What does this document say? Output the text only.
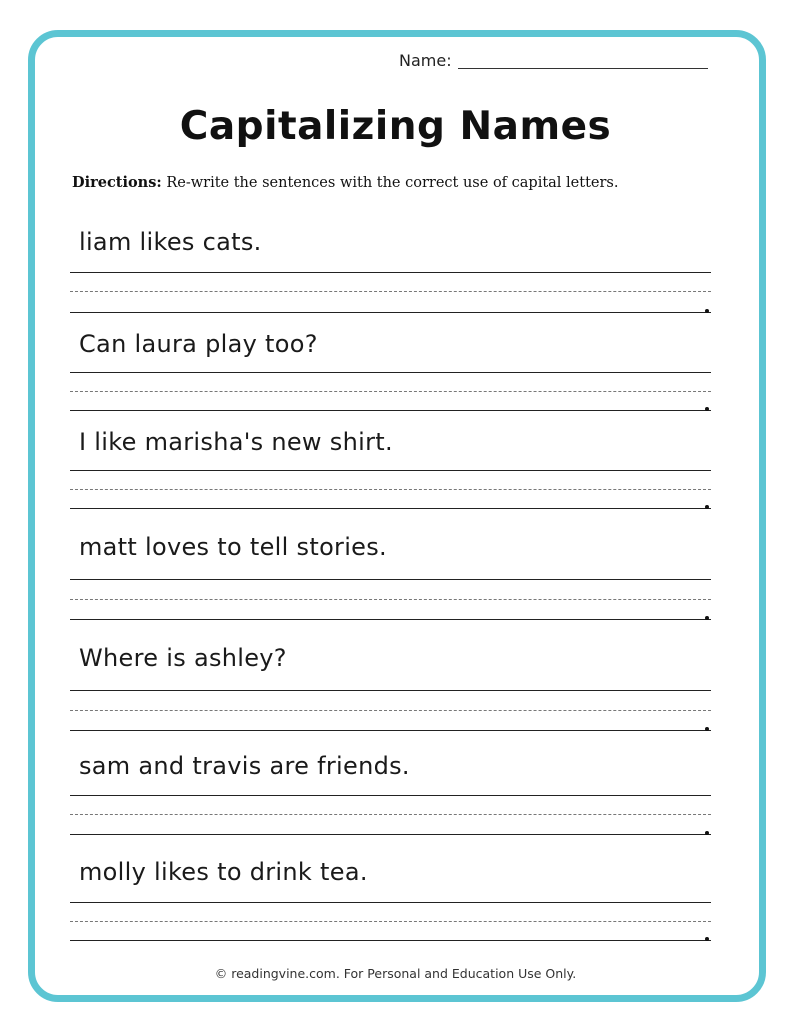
Name:
Capitalizing Names
Directions: Re-write the sentences with the correct use of capital letters.
liam likes cats.
Can laura play too?
I like marisha's new shirt.
matt loves to tell stories.
Where is ashley?
sam and travis are friends.
molly likes to drink tea.
© readingvine.com. For Personal and Education Use Only.
